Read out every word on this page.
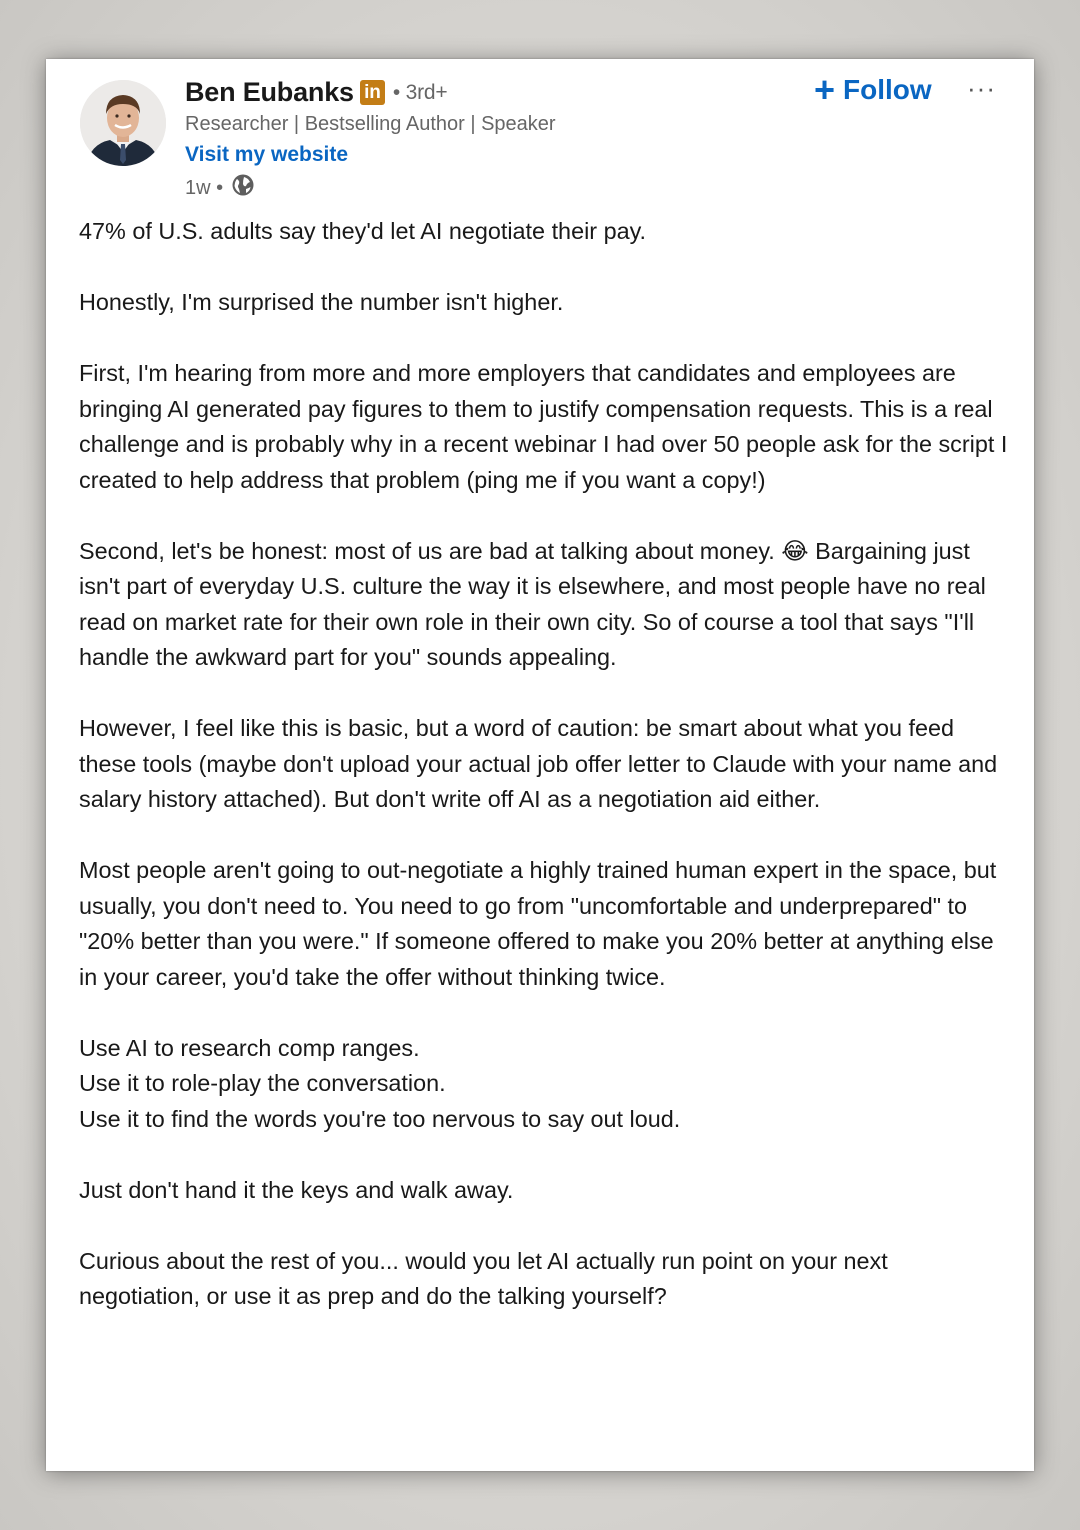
Ben Eubanks in • 3rd+
Researcher | Bestselling Author | Speaker
Visit my website
1w •
+ Follow ···

47% of U.S. adults say they'd let AI negotiate their pay.

Honestly, I'm surprised the number isn't higher.

First, I'm hearing from more and more employers that candidates and employees are bringing AI generated pay figures to them to justify compensation requests. This is a real challenge and is probably why in a recent webinar I had over 50 people ask for the script I created to help address that problem (ping me if you want a copy!)

Second, let's be honest: most of us are bad at talking about money. 😂 Bargaining just isn't part of everyday U.S. culture the way it is elsewhere, and most people have no real read on market rate for their own role in their own city. So of course a tool that says "I'll handle the awkward part for you" sounds appealing.

However, I feel like this is basic, but a word of caution: be smart about what you feed these tools (maybe don't upload your actual job offer letter to Claude with your name and salary history attached). But don't write off AI as a negotiation aid either.

Most people aren't going to out-negotiate a highly trained human expert in the space, but usually, you don't need to. You need to go from "uncomfortable and underprepared" to "20% better than you were." If someone offered to make you 20% better at anything else in your career, you'd take the offer without thinking twice.

Use AI to research comp ranges.
Use it to role-play the conversation.

Use it to find the words you're too nervous to say out loud.

Just don't hand it the keys and walk away.

Curious about the rest of you... would you let AI actually run point on your next negotiation, or use it as prep and do the talking yourself?
